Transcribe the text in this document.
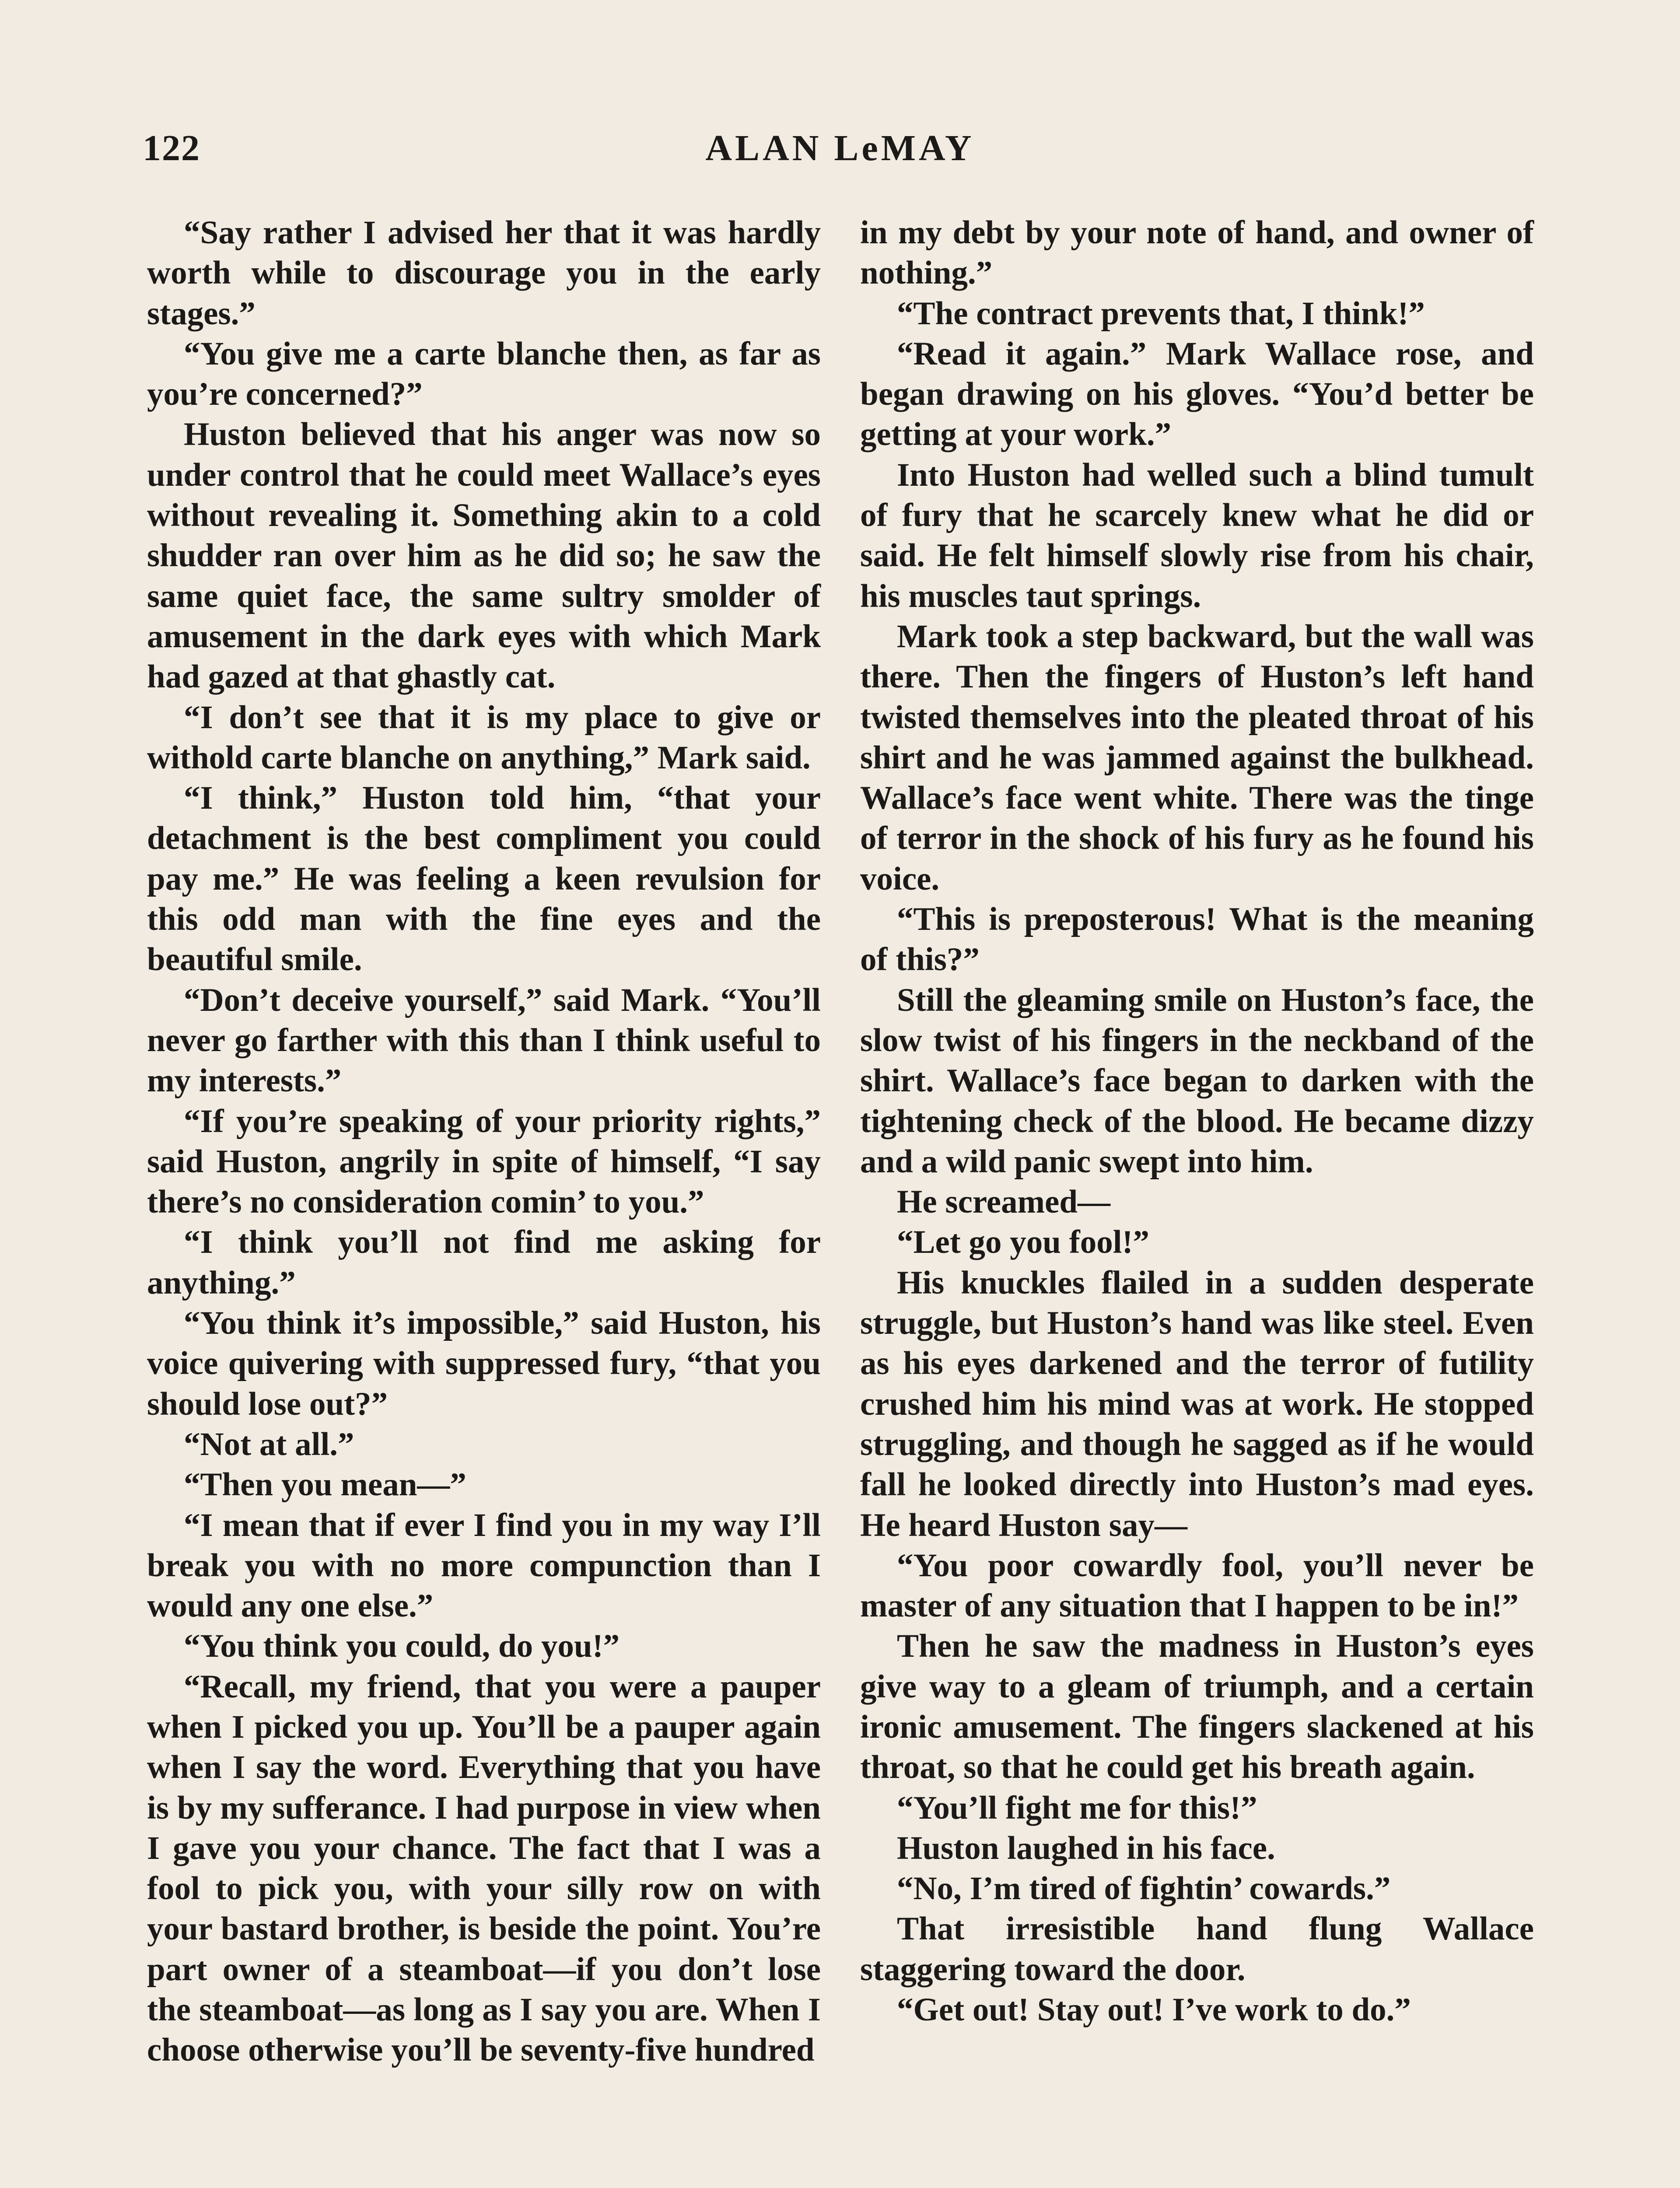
122	ALAN LeMAY

“Say rather I advised her that it was hardly worth while to discourage you in the early stages.”

“You give me a carte blanche then, as far as you’re concerned?”

Huston believed that his anger was now so under control that he could meet Wallace’s eyes without revealing it. Something akin to a cold shudder ran over him as he did so; he saw the same quiet face, the same sultry smolder of amusement in the dark eyes with which Mark had gazed at that ghastly cat.

“I don’t see that it is my place to give or withold carte blanche on anything,” Mark said.

“I think,” Huston told him, “that your detachment is the best compliment you could pay me.” He was feeling a keen revulsion for this odd man with the fine eyes and the beautiful smile.

“Don’t deceive yourself,” said Mark. “You’ll never go farther with this than I think useful to my interests.”

“If you’re speaking of your priority rights,” said Huston, angrily in spite of himself, “I say there’s no consideration comin’ to you.”

“I think you’ll not find me asking for anything.”

“You think it’s impossible,” said Huston, his voice quivering with suppressed fury, “that you should lose out?”

“Not at all.”

“Then you mean—”

“I mean that if ever I find you in my way I’ll break you with no more compunction than I would any one else.”

“You think you could, do you!”

“Recall, my friend, that you were a pauper when I picked you up. You’ll be a pauper again when I say the word. Everything that you have is by my sufferance. I had purpose in view when I gave you your chance. The fact that I was a fool to pick you, with your silly row on with your bastard brother, is beside the point. You’re part owner of a steamboat—if you don’t lose the steamboat—as long as I say you are. When I choose otherwise you’ll be seventy-five hundred

in my debt by your note of hand, and owner of nothing.”

“The contract prevents that, I think!”

“Read it again.” Mark Wallace rose, and began drawing on his gloves. “You’d better be getting at your work.”

Into Huston had welled such a blind tumult of fury that he scarcely knew what he did or said. He felt himself slowly rise from his chair, his muscles taut springs.

Mark took a step backward, but the wall was there. Then the fingers of Huston’s left hand twisted themselves into the pleated throat of his shirt and he was jammed against the bulkhead. Wallace’s face went white. There was the tinge of terror in the shock of his fury as he found his voice.

“This is preposterous! What is the meaning of this?”

Still the gleaming smile on Huston’s face, the slow twist of his fingers in the neckband of the shirt. Wallace’s face began to darken with the tightening check of the blood. He became dizzy and a wild panic swept into him.

He screamed—

“Let go you fool!”

His knuckles flailed in a sudden desperate struggle, but Huston’s hand was like steel. Even as his eyes darkened and the terror of futility crushed him his mind was at work. He stopped struggling, and though he sagged as if he would fall he looked directly into Huston’s mad eyes. He heard Huston say—

“You poor cowardly fool, you’ll never be master of any situation that I happen to be in!”

Then he saw the madness in Huston’s eyes give way to a gleam of triumph, and a certain ironic amusement. The fingers slackened at his throat, so that he could get his breath again.

“You’ll fight me for this!”

Huston laughed in his face.

“No, I’m tired of fightin’ cowards.”

That irresistible hand flung Wallace staggering toward the door.

“Get out! Stay out! I’ve work to do.”
